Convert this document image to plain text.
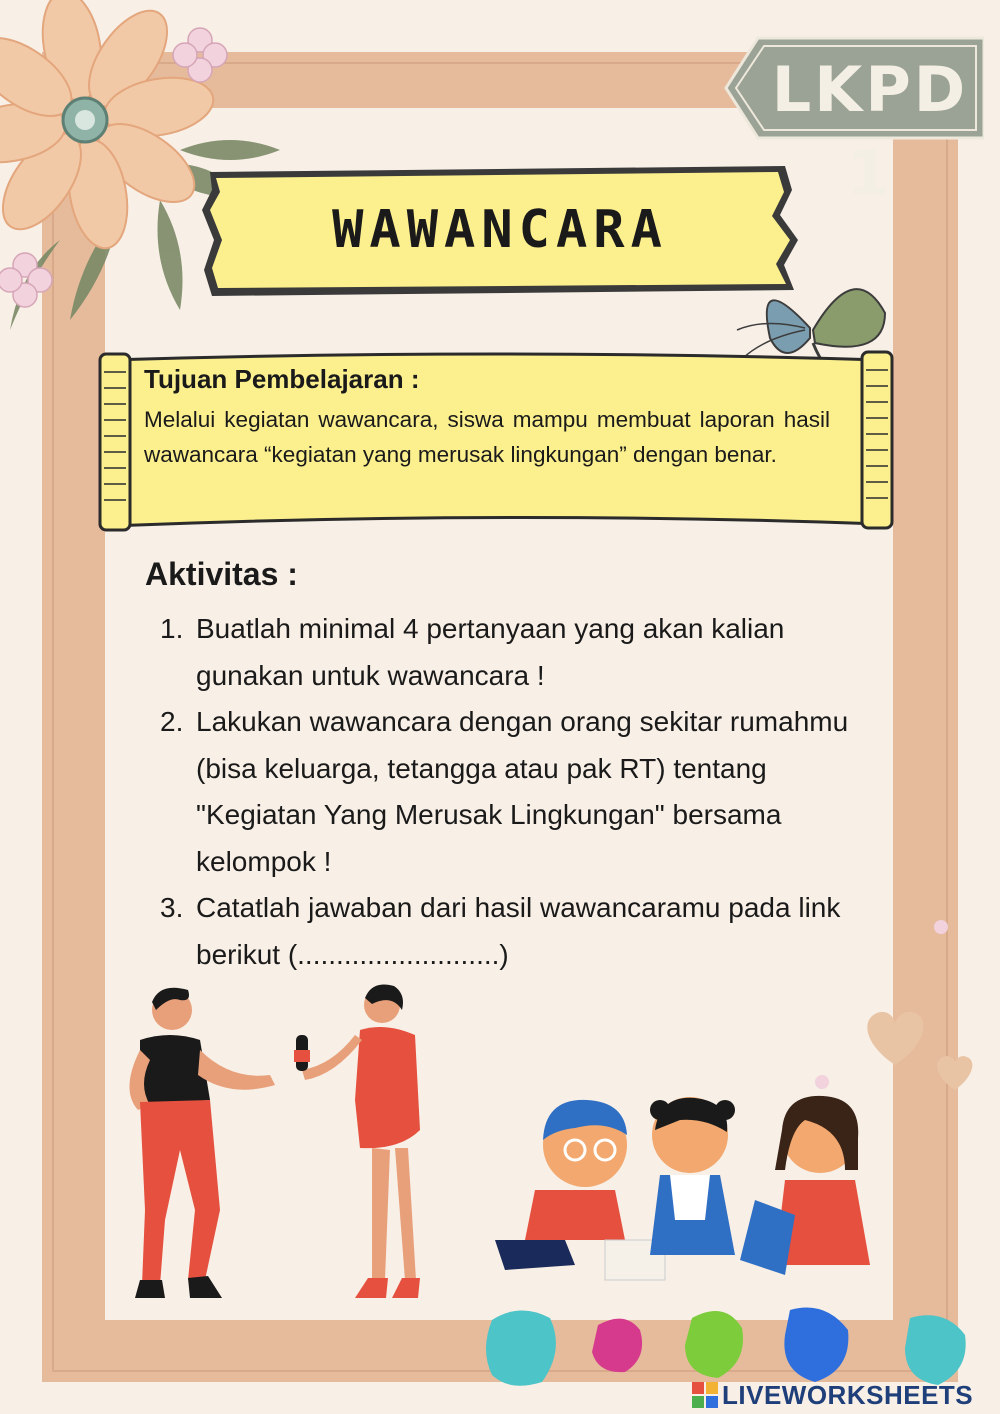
LKPD 1
WAWANCARA
Tujuan Pembelajaran :
Melalui kegiatan wawancara, siswa mampu membuat laporan hasil wawancara “kegiatan yang merusak lingkungan” dengan benar.
Aktivitas :
1. Buatlah minimal 4 pertanyaan yang akan kalian gunakan untuk wawancara !
2. Lakukan wawancara dengan orang sekitar rumahmu (bisa keluarga, tetangga atau pak RT) tentang "Kegiatan Yang Merusak Lingkungan" bersama kelompok !
3. Catatlah jawaban dari hasil wawancaramu pada link berikut (..........................)
LIVEWORKSHEETS
